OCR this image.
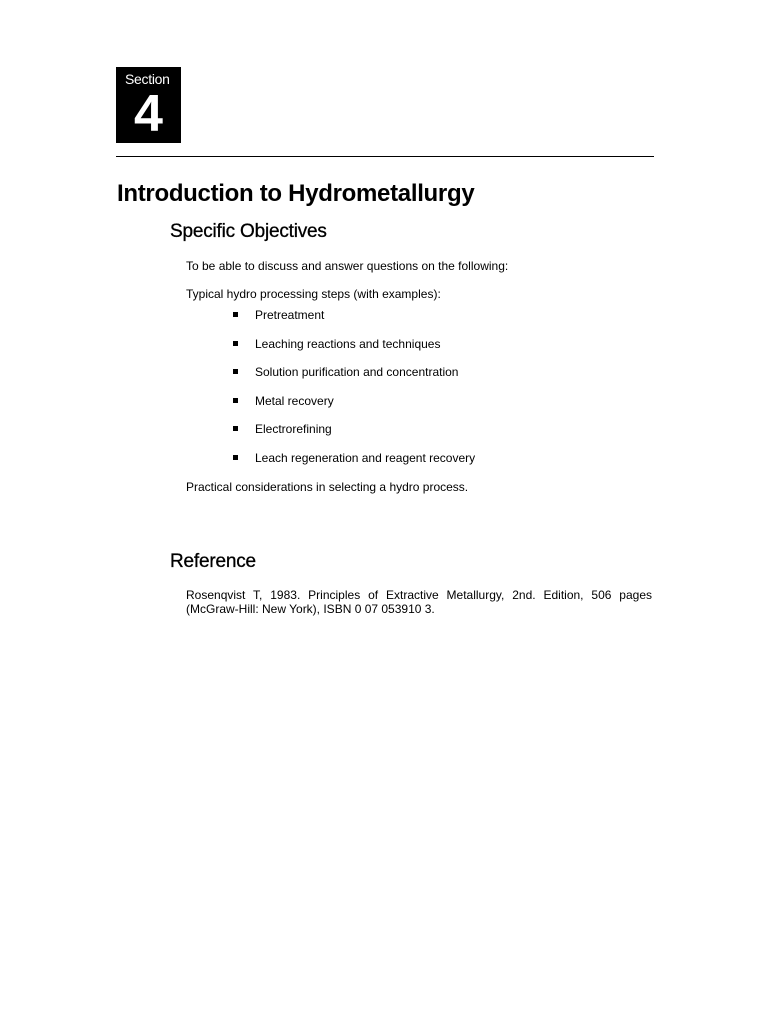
Section
4
Introduction to Hydrometallurgy
Specific Objectives
To be able to discuss and answer questions on the following:
Typical hydro processing steps (with examples):
Pretreatment
Leaching reactions and techniques
Solution purification and concentration
Metal recovery
Electrorefining
Leach regeneration and reagent recovery
Practical considerations in selecting a hydro process.
Reference

Rosenqvist T, 1983. Principles of Extractive Metallurgy, 2nd. Edition, 506 pages (McGraw-Hill: New York), ISBN 0 07 053910 3.
